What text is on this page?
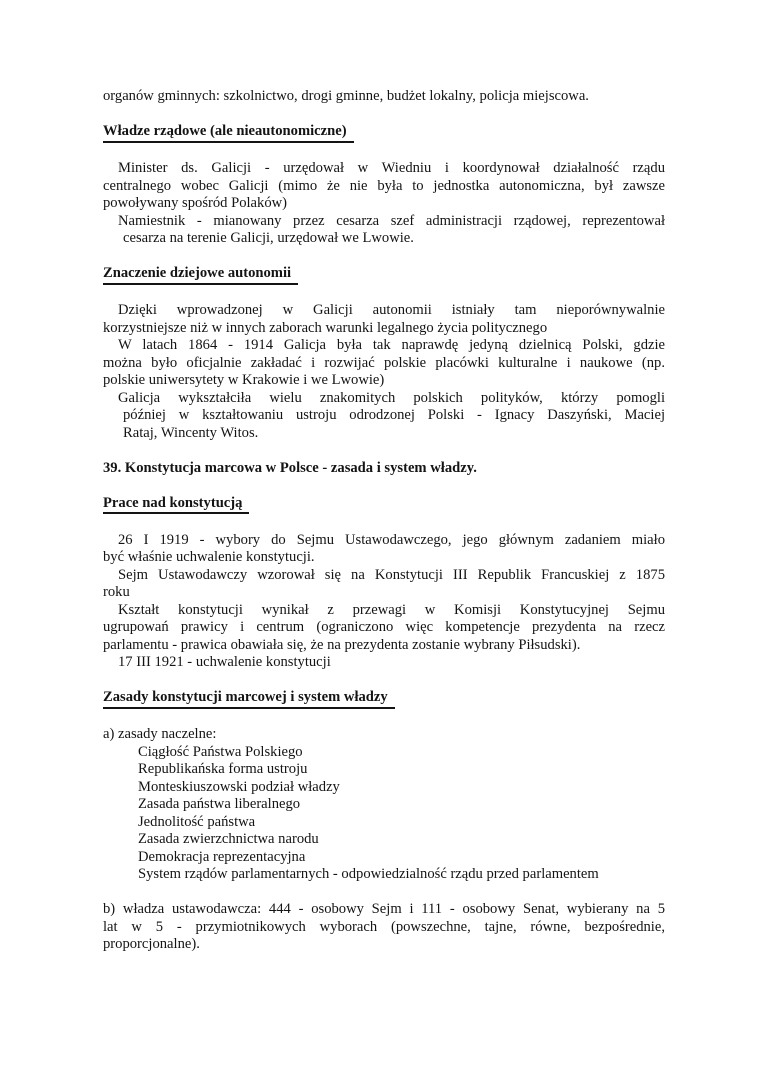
organów gminnych: szkolnictwo, drogi gminne, budżet lokalny, policja miejscowa.
Władze rządowe (ale nieautonomiczne)
Minister ds. Galicji - urzędował w Wiedniu i koordynował działalność rządu
centralnego wobec Galicji (mimo że nie była to jednostka autonomiczna, był zawsze
powoływany spośród Polaków)
Namiestnik - mianowany przez cesarza szef administracji rządowej, reprezentował
cesarza na terenie Galicji, urzędował we Lwowie.
Znaczenie dziejowe autonomii
Dzięki wprowadzonej w Galicji autonomii istniały tam nieporównywalnie
korzystniejsze niż w innych zaborach warunki legalnego życia politycznego
W latach 1864 - 1914 Galicja była tak naprawdę jedyną dzielnicą Polski, gdzie
można było oficjalnie zakładać i rozwijać polskie placówki kulturalne i naukowe (np.
polskie uniwersytety w Krakowie i we Lwowie)
Galicja wykształciła wielu znakomitych polskich polityków, którzy pomogli
później w kształtowaniu ustroju odrodzonej Polski - Ignacy Daszyński, Maciej
Rataj, Wincenty Witos.
39. Konstytucja marcowa w Polsce - zasada i system władzy.
Prace nad konstytucją
26 I 1919 - wybory do Sejmu Ustawodawczego, jego głównym zadaniem miało
być właśnie uchwalenie konstytucji.
Sejm Ustawodawczy wzorował się na Konstytucji III Republik Francuskiej z 1875
roku
Kształt konstytucji wynikał z przewagi w Komisji Konstytucyjnej Sejmu
ugrupowań prawicy i centrum (ograniczono więc kompetencje prezydenta na rzecz
parlamentu - prawica obawiała się, że na prezydenta zostanie wybrany Piłsudski).
17 III 1921 - uchwalenie konstytucji
Zasady konstytucji marcowej i system władzy
a) zasady naczelne:
Ciągłość Państwa Polskiego
Republikańska forma ustroju
Monteskiuszowski podział władzy
Zasada państwa liberalnego
Jednolitość państwa
Zasada zwierzchnictwa narodu
Demokracja reprezentacyjna
System rządów parlamentarnych - odpowiedzialność rządu przed parlamentem
b) władza ustawodawcza: 444 - osobowy Sejm i 111 - osobowy Senat, wybierany na 5
lat w 5 - przymiotnikowych wyborach (powszechne, tajne, równe, bezpośrednie,
proporcjonalne).
